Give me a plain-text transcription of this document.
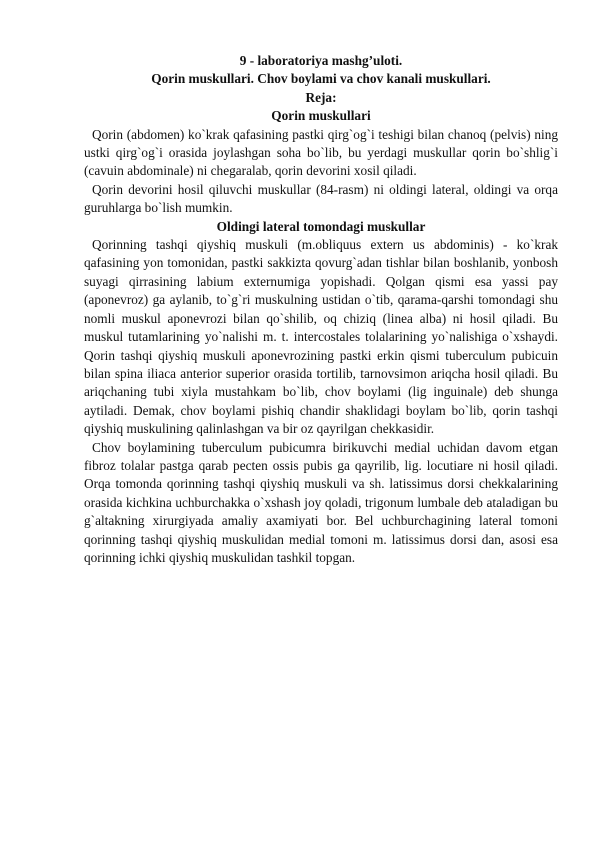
9 - laboratoriya mashg’uloti.

Qorin muskullari. Chov boylami va chov kanali muskullari.

Reja:

Qorin muskullari

Qorin (abdomen) ko`krak qafasining pastki qirg`og`i teshigi bilan chanoq (pelvis) ning ustki qirg`og`i orasida joylashgan soha bo`lib, bu yerdagi muskullar qorin bo`shlig`i (cavuin abdominale) ni chegaralab, qorin devorini xosil qiladi.

Qorin devorini hosil qiluvchi muskullar (84-rasm) ni oldingi lateral, oldingi va orqa guruhlarga bo`lish mumkin.

Oldingi lateral tomondagi muskullar

Qorinning tashqi qiyshiq muskuli (m.obliquus extern us abdominis) - ko`krak qafasining yon tomonidan, pastki sakkizta qovurg`adan tishlar bilan boshlanib, yonbosh suyagi qirrasining labium externumiga yopishadi. Qolgan qismi esa yassi pay (aponevroz) ga aylanib, to`g`ri muskulning ustidan o`tib, qarama-qarshi tomondagi shu nomli muskul aponevrozi bilan qo`shilib, oq chiziq (linea alba) ni hosil qiladi. Bu muskul tutamlarining yo`nalishi m. t. intercostales tolalarining yo`nalishiga o`xshaydi. Qorin tashqi qiyshiq muskuli aponevrozining pastki erkin qismi tuberculum pubicuin bilan spina iliaca anterior superior orasida tortilib, tarnovsimon ariqcha hosil qiladi. Bu ariqchaning tubi xiyla mustahkam bo`lib, chov boylami (lig inguinale) deb shunga aytiladi. Demak, chov boylami pishiq chandir shaklidagi boylam bo`lib, qorin tashqi qiyshiq muskulining qalinlashgan va bir oz qayrilgan chekkasidir.

Chov boylamining tuberculum pubicumra birikuvchi medial uchidan davom etgan fibroz tolalar pastga qarab pecten ossis pubis ga qayrilib, lig. locutiare ni hosil qiladi. Orqa tomonda qorinning tashqi qiyshiq muskuli va sh. latissimus dorsi chekkalarining orasida kichkina uchburchakka o`xshash joy qoladi, trigonum lumbale deb ataladigan bu g`altakning xirurgiyada amaliy axamiyati bor. Bel uchburchagining lateral tomoni qorinning tashqi qiyshiq muskulidan medial tomoni m. latissimus dorsi dan, asosi esa qorinning ichki qiyshiq muskulidan tashkil topgan.
